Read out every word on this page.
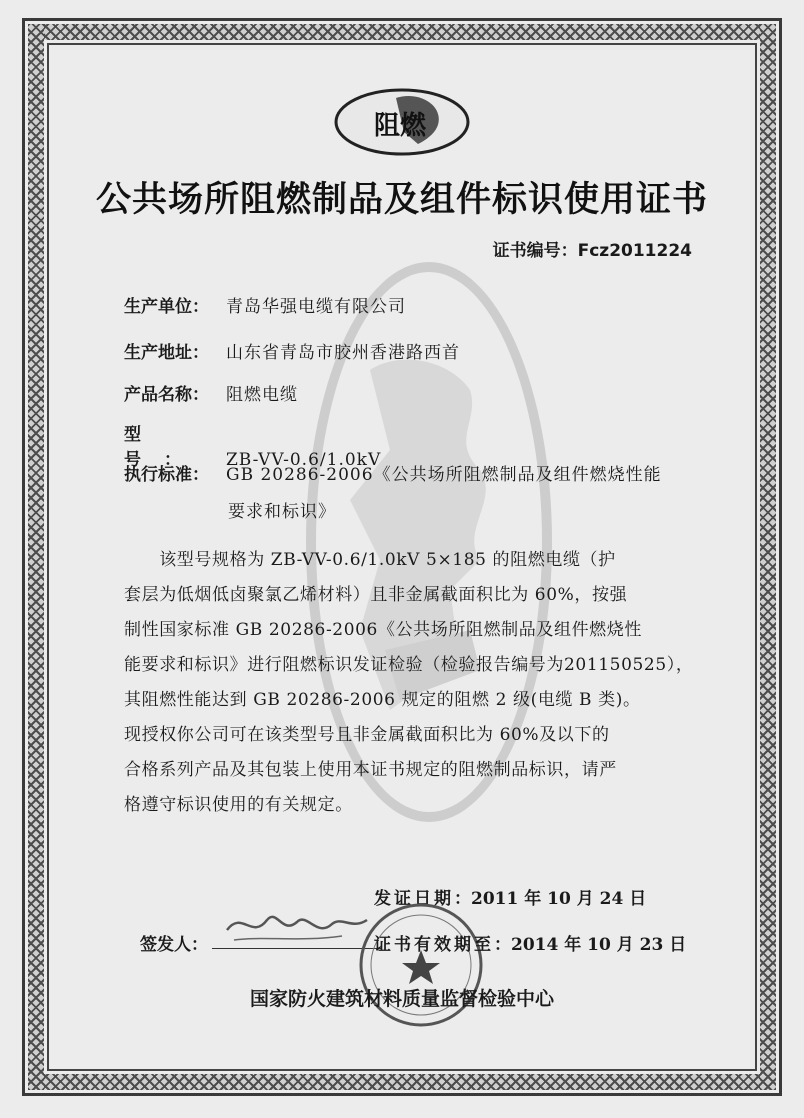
阻燃
公共场所阻燃制品及组件标识使用证书
证书编号：Fcz2011224
生产单位： 青岛华强电缆有限公司
生产地址： 山东省青岛市胶州香港路西首
产品名称： 阻燃电缆
型号： ZB-VV-0.6/1.0kV
执行标准： GB 20286-2006《公共场所阻燃制品及组件燃烧性能
要求和标识》

　　该型号规格为 ZB-VV-0.6/1.0kV 5×185 的阻燃电缆（护

套层为低烟低卤聚氯乙烯材料）且非金属截面积比为 60%，按强

制性国家标准 GB 20286-2006《公共场所阻燃制品及组件燃烧性

能要求和标识》进行阻燃标识发证检验（检验报告编号为201150525），

其阻燃性能达到 GB 20286-2006 规定的阻燃 2 级(电缆 B 类)。

现授权你公司可在该类型号且非金属截面积比为 60%及以下的

合格系列产品及其包装上使用本证书规定的阻燃制品标识，请严

格遵守标识使用的有关规定。

发证日期：2011 年 10 月 24 日
签发人：	证书有效期至：2014 年 10 月 23 日
国家防火建筑材料质量监督检验中心
